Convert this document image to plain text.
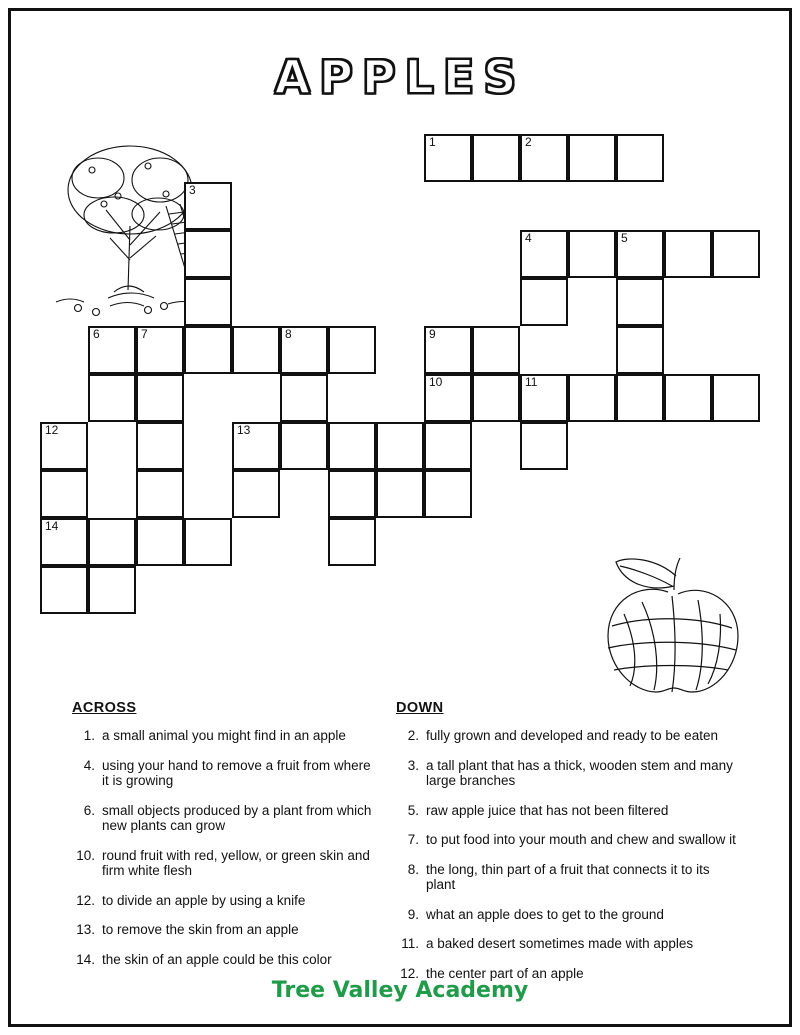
APPLES
1	2
3
4	5
6	7	8	9
10	11
12	13
14
ACROSS
1. a small animal you might find in an apple
4. using your hand to remove a fruit from where it is growing
6. small objects produced by a plant from which new plants can grow
10. round fruit with red, yellow, or green skin and firm white flesh
12. to divide an apple by using a knife
13. to remove the skin from an apple
14. the skin of an apple could be this color
DOWN
2. fully grown and developed and ready to be eaten
3. a tall plant that has a thick, wooden stem and many large branches
5. raw apple juice that has not been filtered
7. to put food into your mouth and chew and swallow it
8. the long, thin part of a fruit that connects it to its plant
9. what an apple does to get to the ground
11. a baked desert sometimes made with apples
12. the center part of an apple
Tree Valley Academy
